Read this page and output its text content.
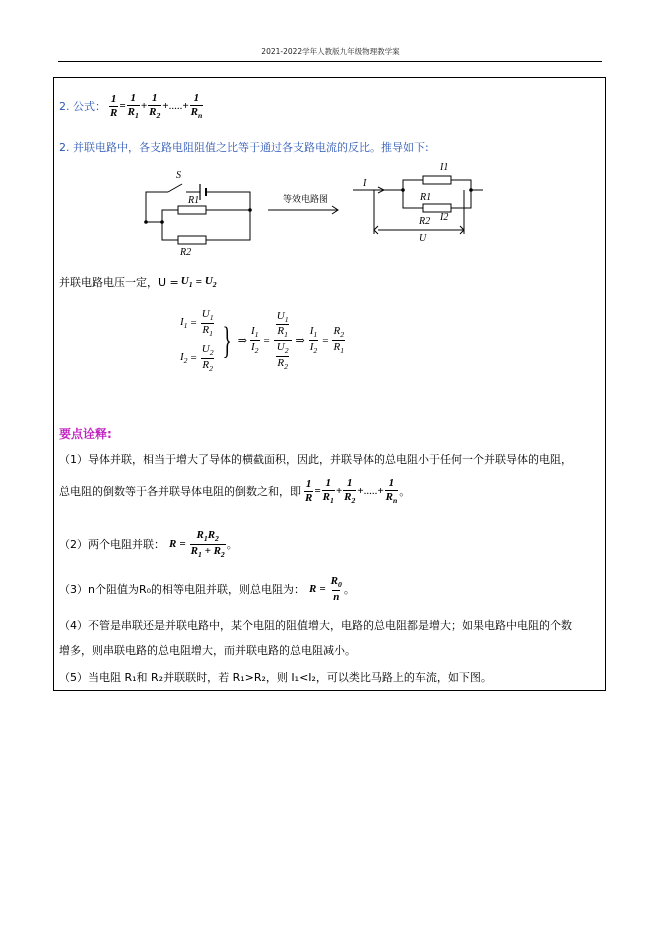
2021-2022学年人教版九年级物理教学案
2. 公式： $\frac{1}{R} = \frac{1}{R_1} + \frac{1}{R_2}$ + ..... + $\frac{1}{R_n}$
2. 并联电路中，各支路电阻阻值之比等于通过各支路电流的反比。推导如下:
S
R1
R2
I
I1
R1
R2 I2
U
等效电路图
并联电路电压一定，$U = U_1 = U_2$
$I_1 = \frac{U_1}{R_1}$
$I_2 = \frac{U_2}{R_2}$ } ⇒ $\frac{I_1}{I_2} = \frac{\frac{U_1}{R_1}}{\frac{U_2}{R_2}}$ ⇒ $\frac{I_1}{I_2} = \frac{R_2}{R_1}$
要点诠释:
（1）导体并联，相当于增大了导体的横截面积，因此，并联导体的总电阻小于任何一个并联导体的电阻，
总电阻的倒数等于各并联导体电阻的倒数之和，即 $\frac{1}{R} = \frac{1}{R_1} + \frac{1}{R_2}$ + ..... + $\frac{1}{R_n}$ 。
（2）两个电阻并联： $R = \frac{R_1R_2}{R_1 + R_2}$ 。
（3）n个阻值为R₀的相等电阻并联，则总电阻为： $R = \frac{R_0}{n}$ 。
（4）不管是串联还是并联电路中，某个电阻的阻值增大，电路的总电阻都是增大；如果电路中电阻的个数
增多，则串联电路的总电阻增大，而并联电路的总电阻减小。
（5）当电阻 R₁和 R₂并联联时，若 R₁>R₂，则 I₁<I₂，可以类比马路上的车流，如下图。
